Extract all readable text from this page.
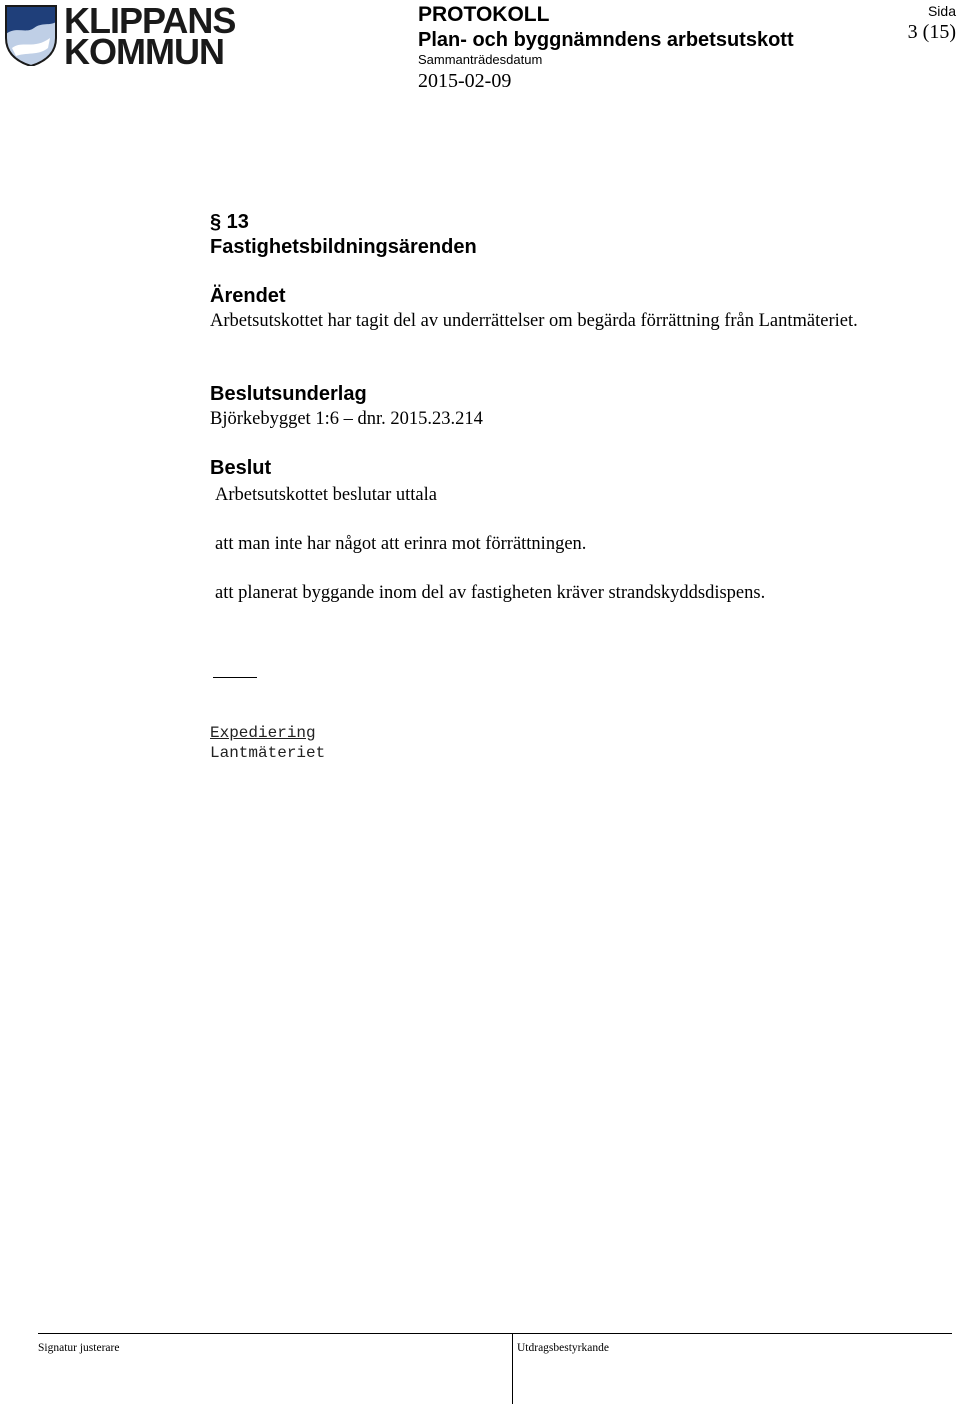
KLIPPANS
KOMMUN
PROTOKOLL
Plan- och byggnämndens arbetsutskott
Sammanträdesdatum
2015-02-09
Sida
3 (15)
§ 13
Fastighetsbildningsärenden
Ärendet
Arbetsutskottet har tagit del av underrättelser om begärda förrättning från Lantmäteriet.
Beslutsunderlag
Björkebygget 1:6 – dnr. 2015.23.214
Beslut
Arbetsutskottet beslutar uttala
att man inte har något att erinra mot förrättningen.
att planerat byggande inom del av fastigheten kräver strandskyddsdispens.
Expediering
Lantmäteriet
Signatur justerare	Utdragsbestyrkande
